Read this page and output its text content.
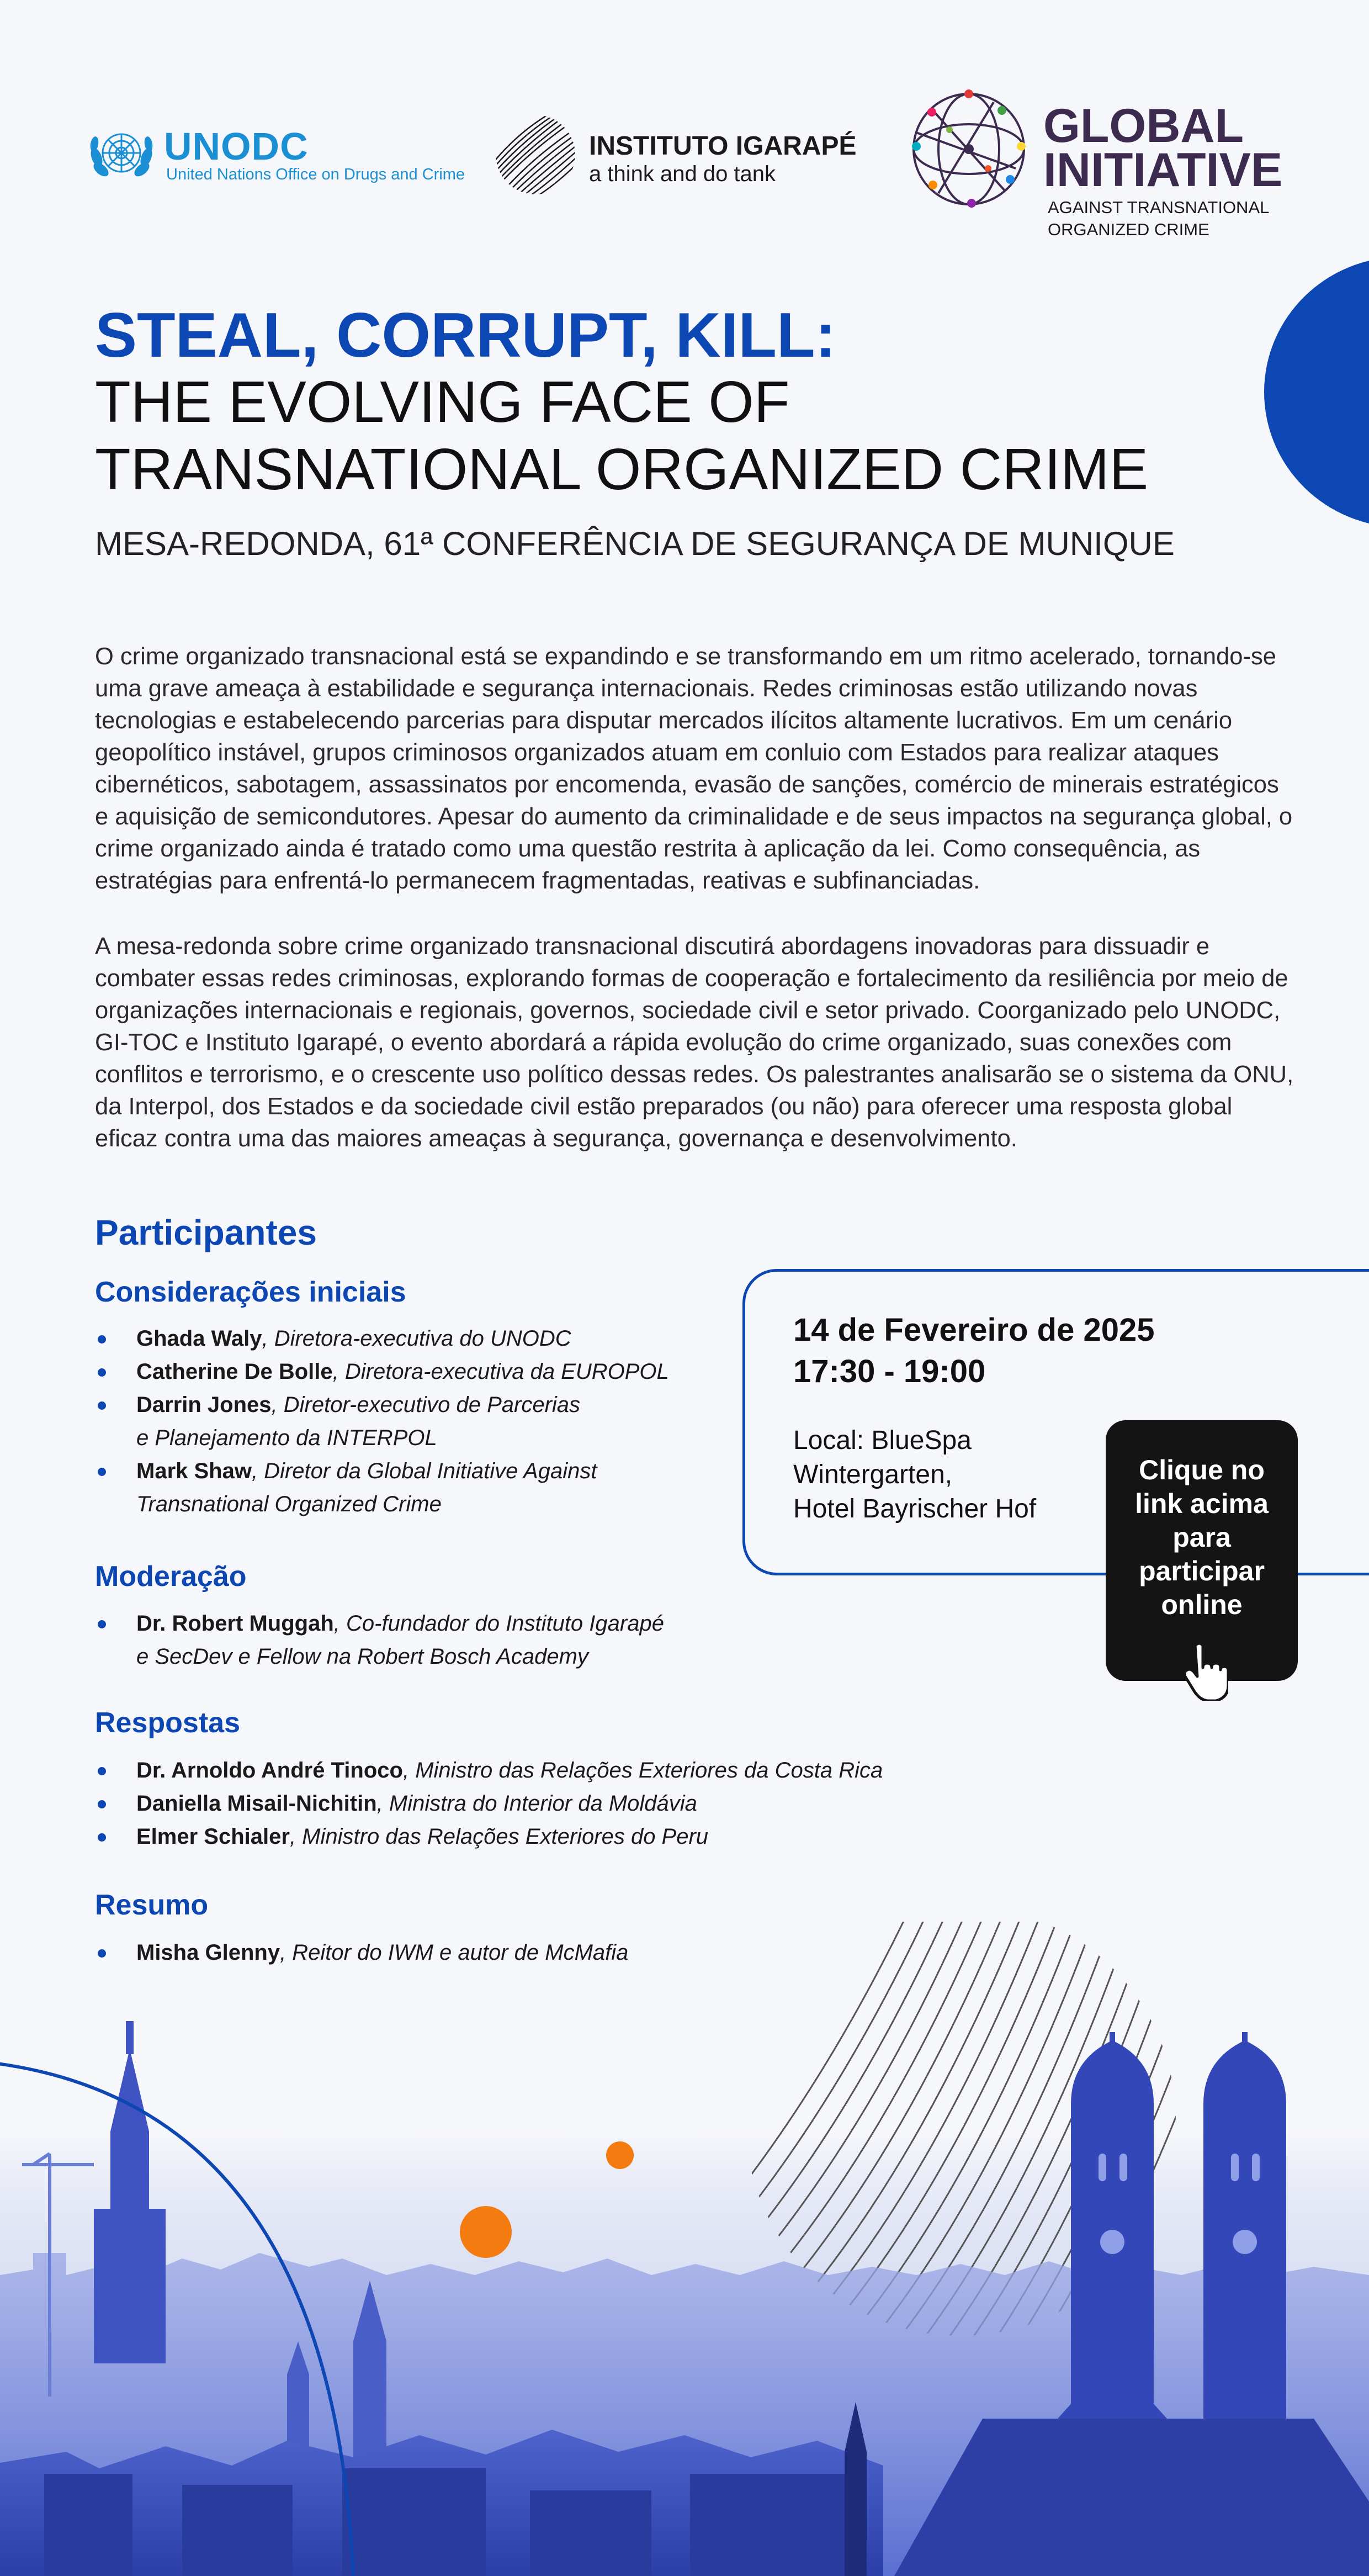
UNODC
United Nations Office on Drugs and Crime
INSTITUTO IGARAPÉ
a think and do tank
GLOBAL
INITIATIVE
AGAINST TRANSNATIONAL
ORGANIZED CRIME
STEAL, CORRUPT, KILL:
THE EVOLVING FACE OF
TRANSNATIONAL ORGANIZED CRIME
MESA-REDONDA, 61ª CONFERÊNCIA DE SEGURANÇA DE MUNIQUE

O crime organizado transnacional está se expandindo e se transformando em um ritmo acelerado, tornando-se uma grave ameaça à estabilidade e segurança internacionais. Redes criminosas estão utilizando novas tecnologias e estabelecendo parcerias para disputar mercados ilícitos altamente lucrativos. Em um cenário geopolítico instável, grupos criminosos organizados atuam em conluio com Estados para realizar ataques cibernéticos, sabotagem, assassinatos por encomenda, evasão de sanções, comércio de minerais estratégicos e aquisição de semicondutores. Apesar do aumento da criminalidade e de seus impactos na segurança global, o crime organizado ainda é tratado como uma questão restrita à aplicação da lei. Como consequência, as estratégias para enfrentá-lo permanecem fragmentadas, reativas e subfinanciadas.

A mesa-redonda sobre crime organizado transnacional discutirá abordagens inovadoras para dissuadir e combater essas redes criminosas, explorando formas de cooperação e fortalecimento da resiliência por meio de organizações internacionais e regionais, governos, sociedade civil e setor privado. Coorganizado pelo UNODC, GI-TOC e Instituto Igarapé, o evento abordará a rápida evolução do crime organizado, suas conexões com conflitos e terrorismo, e o crescente uso político dessas redes. Os palestrantes analisarão se o sistema da ONU, da Interpol, dos Estados e da sociedade civil estão preparados (ou não) para oferecer uma resposta global eficaz contra uma das maiores ameaças à segurança, governança e desenvolvimento.

Participantes
Considerações iniciais
Ghada Waly, Diretora-executiva do UNODC
Catherine De Bolle, Diretora-executiva da EUROPOL
Darrin Jones, Diretor-executivo de Parcerias
e Planejamento da INTERPOL
Mark Shaw, Diretor da Global Initiative Against
Transnational Organized Crime
Moderação
Dr. Robert Muggah, Co-fundador do Instituto Igarapé
e SecDev e Fellow na Robert Bosch Academy
Respostas
Dr. Arnoldo André Tinoco, Ministro das Relações Exteriores da Costa Rica
Daniella Misail-Nichitin, Ministra do Interior da Moldávia
Elmer Schialer, Ministro das Relações Exteriores do Peru
Resumo
Misha Glenny, Reitor do IWM e autor de McMafia
14 de Fevereiro de 2025
17:30 - 19:00
Local: BlueSpa
Wintergarten,
Hotel Bayrischer Hof
Clique no
link acima
para
participar
online
